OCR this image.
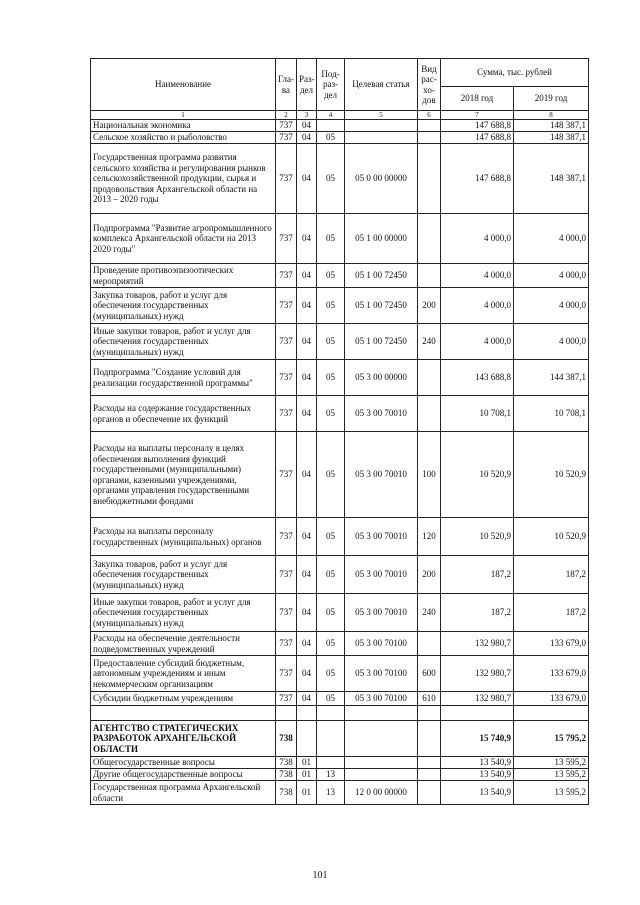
Наименование	Гла-ва	Раз-дел	Под-раз-дел	Целевая статья	Вид рас-хо-дов	Сумма, тыс. рублей	
						2018 год	2019 год
1	2	3	4	5	6	7	8
Национальная экономика	737	04				147 688,8	148 387,1
Сельское хозяйство и рыболовство	737	04	05			147 688,8	148 387,1
Государственная программа развития сельского хозяйства и регулирования рынков сельскохозяйственной продукции, сырья и продовольствия Архангельской области на 2013 – 2020 годы	737	04	05	05 0 00 00000		147 688,8	148 387,1
Подпрограмма "Развитие агропромышленного комплекса Архангельской области на 2013 2020 годы"	737	04	05	05 1 00 00000		4 000,0	4 000,0
Проведение противоэпизоотических мероприятий	737	04	05	05 1 00 72450		4 000,0	4 000,0
Закупка товаров, работ и услуг для обеспечения государственных (муниципальных) нужд	737	04	05	05 1 00 72450	200	4 000,0	4 000,0
Иные закупки товаров, работ и услуг для обеспечения государственных (муниципальных) нужд	737	04	05	05 1 00 72450	240	4 000,0	4 000,0
Подпрограмма "Создание условий для реализации государственной программы"	737	04	05	05 3 00 00000		143 688,8	144 387,1
Расходы на содержание государственных органов и обеспечение их функций	737	04	05	05 3 00 70010		10 708,1	10 708,1
Расходы на выплаты персоналу в целях обеспечения выполнения функций государственными (муниципальными) органами, казенными учреждениями, органами управления государственными внебюджетными фондами	737	04	05	05 3 00 70010	100	10 520,9	10 520,9
Расходы на выплаты персоналу государственных (муниципальных) органов	737	04	05	05 3 00 70010	120	10 520,9	10 520,9
Закупка товаров, работ и услуг для обеспечения государственных (муниципальных) нужд	737	04	05	05 3 00 70010	200	187,2	187,2
Иные закупки товаров, работ и услуг для обеспечения государственных (муниципальных) нужд	737	04	05	05 3 00 70010	240	187,2	187,2
Расходы на обеспечение деятельности подведомственных учреждений	737	04	05	05 3 00 70100		132 980,7	133 679,0
Предоставление субсидий бюджетным, автономным учреждениям и иным некоммерческим организациям	737	04	05	05 3 00 70100	600	132 980,7	133 679,0
Субсидии бюджетным учреждениям	737	04	05	05 3 00 70100	610	132 980,7	133 679,0

АГЕНТСТВО СТРАТЕГИЧЕСКИХ РАЗРАБОТОК АРХАНГЕЛЬСКОЙ ОБЛАСТИ	738					15 740,9	15 795,2
Общегосударственные вопросы	738	01				13 540,9	13 595,2
Другие общегосударственные вопросы	738	01	13			13 540,9	13 595,2
Государственная программа Архангельской области	738	01	13	12 0 00 00000		13 540,9	13 595,2
101
